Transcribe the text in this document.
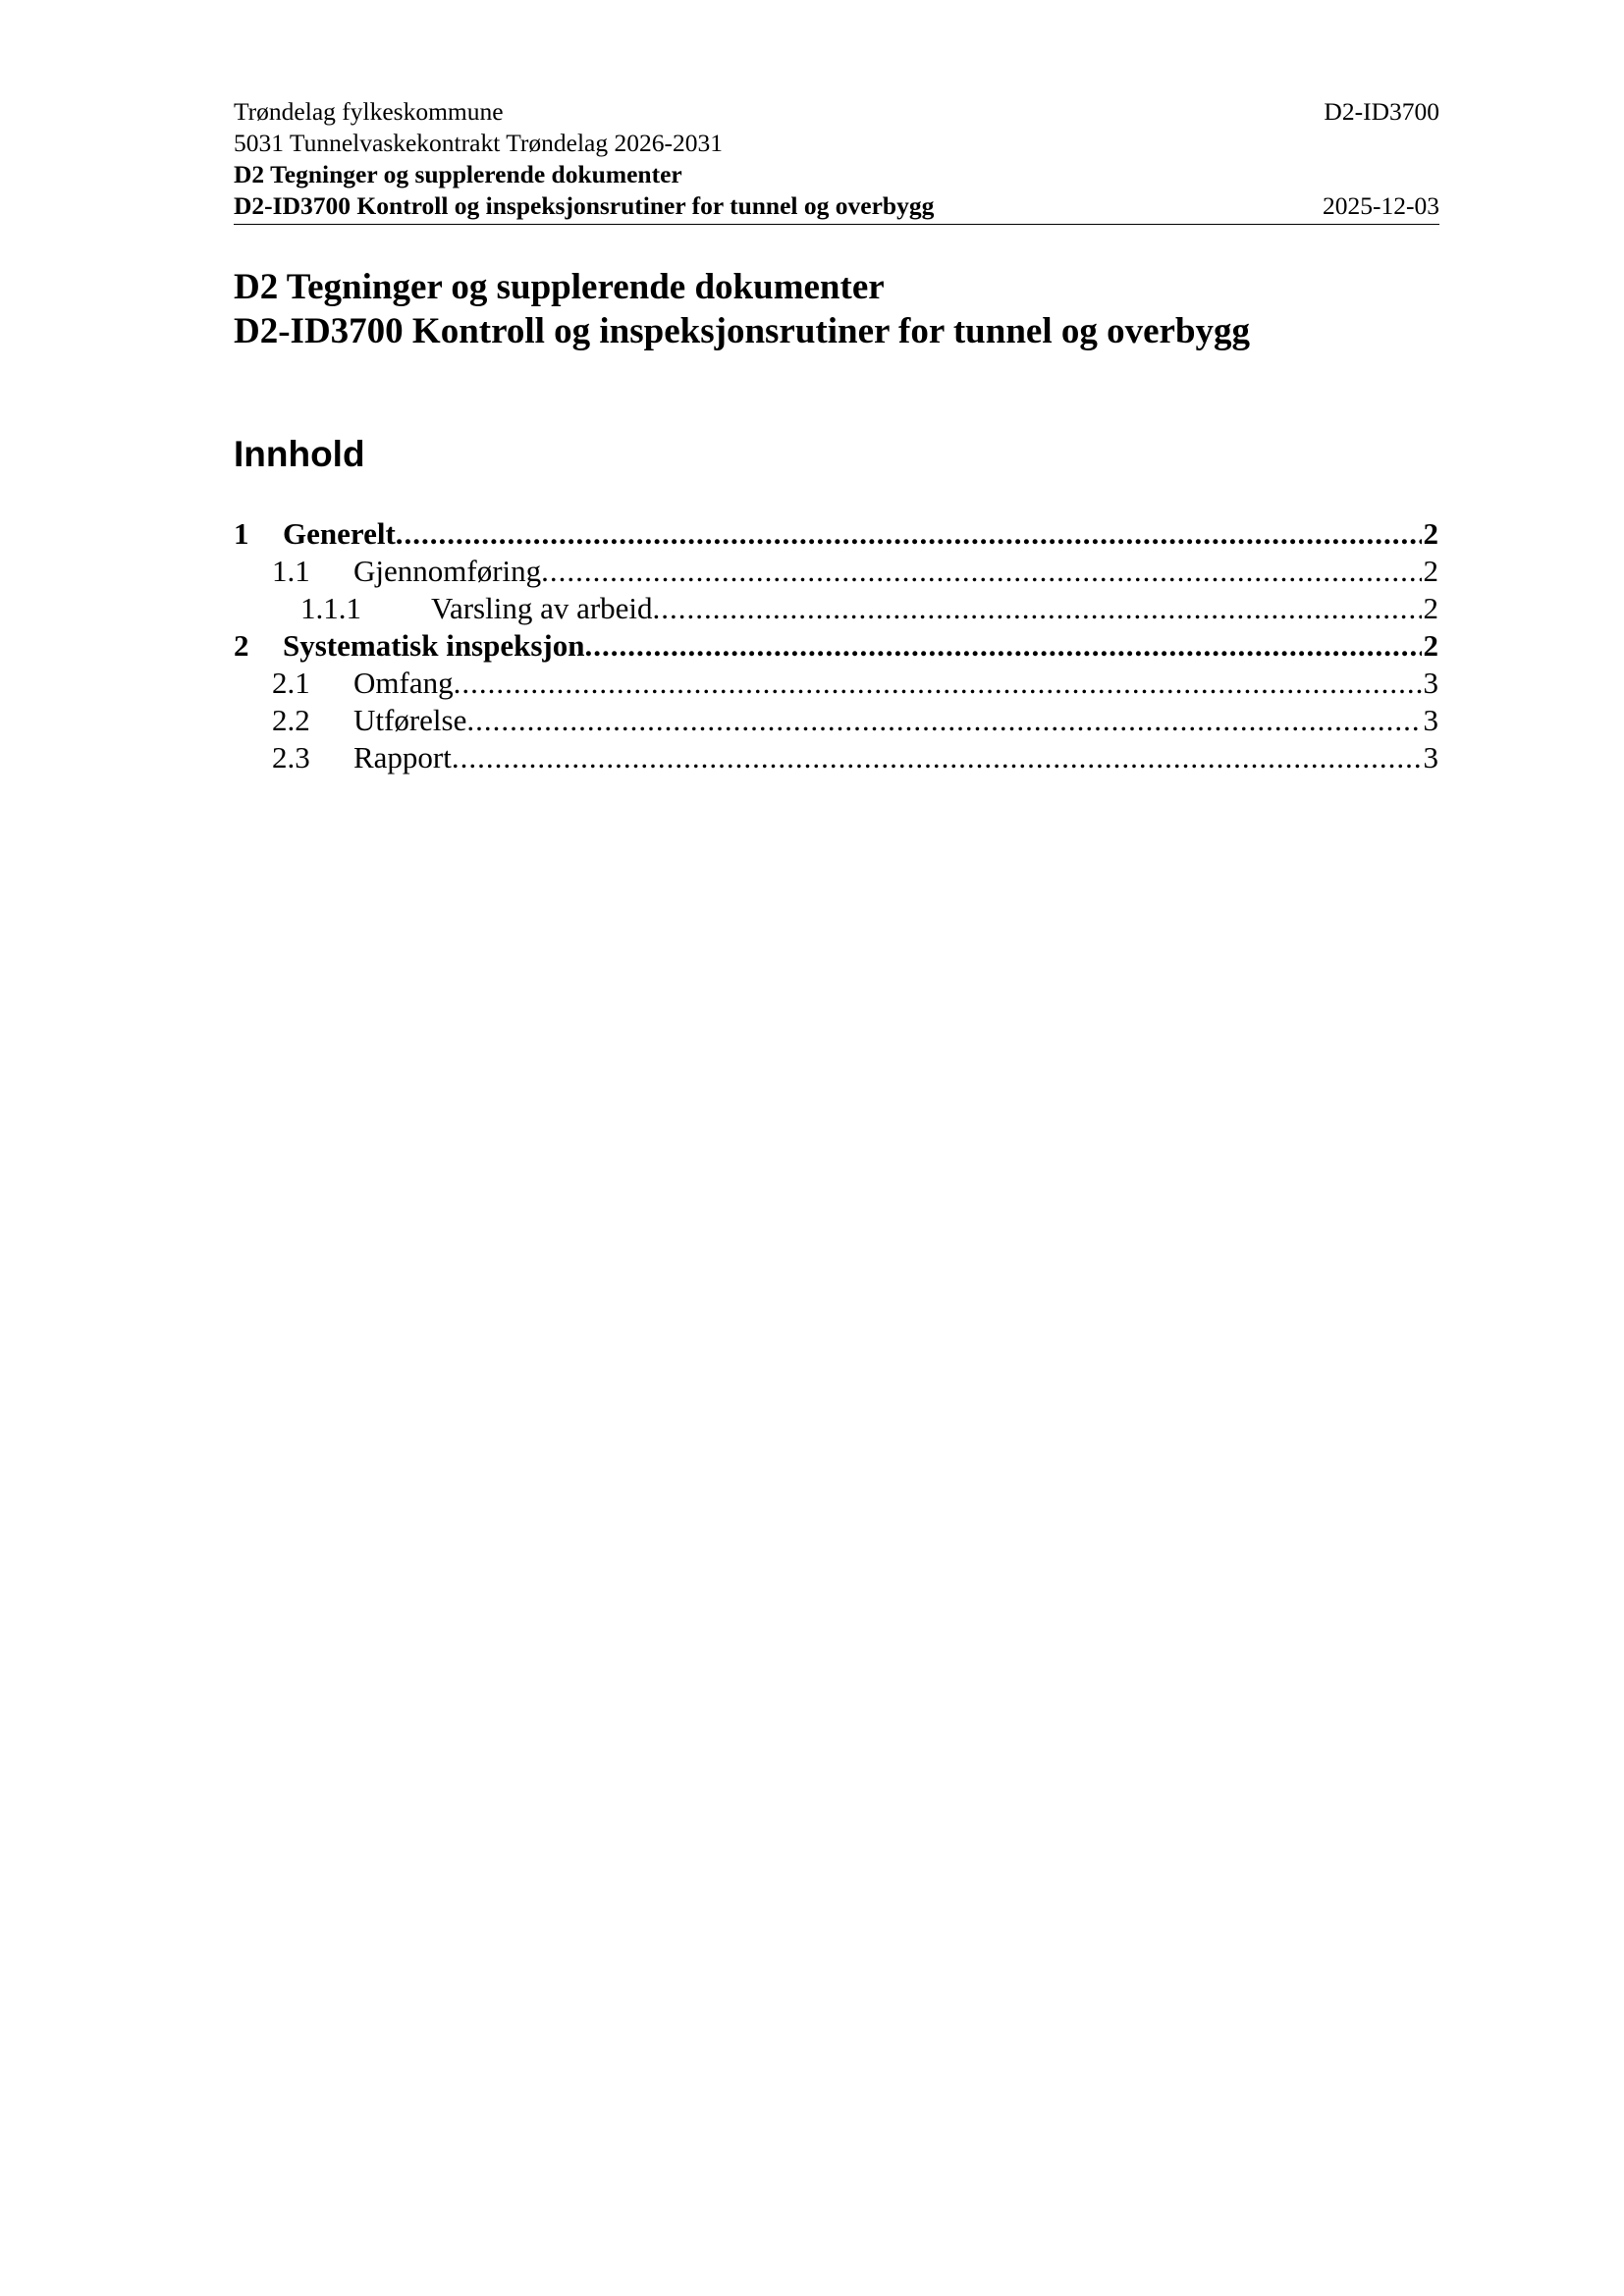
Trøndelag fylkeskommune	D2-ID3700
5031 Tunnelvaskekontrakt Trøndelag 2026-2031
D2 Tegninger og supplerende dokumenter
D2-ID3700 Kontroll og inspeksjonsrutiner for tunnel og overbygg	2025-12-03
D2 Tegninger og supplerende dokumenter
D2-ID3700 Kontroll og inspeksjonsrutiner for tunnel og overbygg
Innhold
1	Generelt .....	2
1.1	Gjennomføring .....	2
1.1.1	Varsling av arbeid .....	2
2	Systematisk inspeksjon .....	2
2.1	Omfang .....	3
2.2	Utførelse .....	3
2.3	Rapport .....	3
